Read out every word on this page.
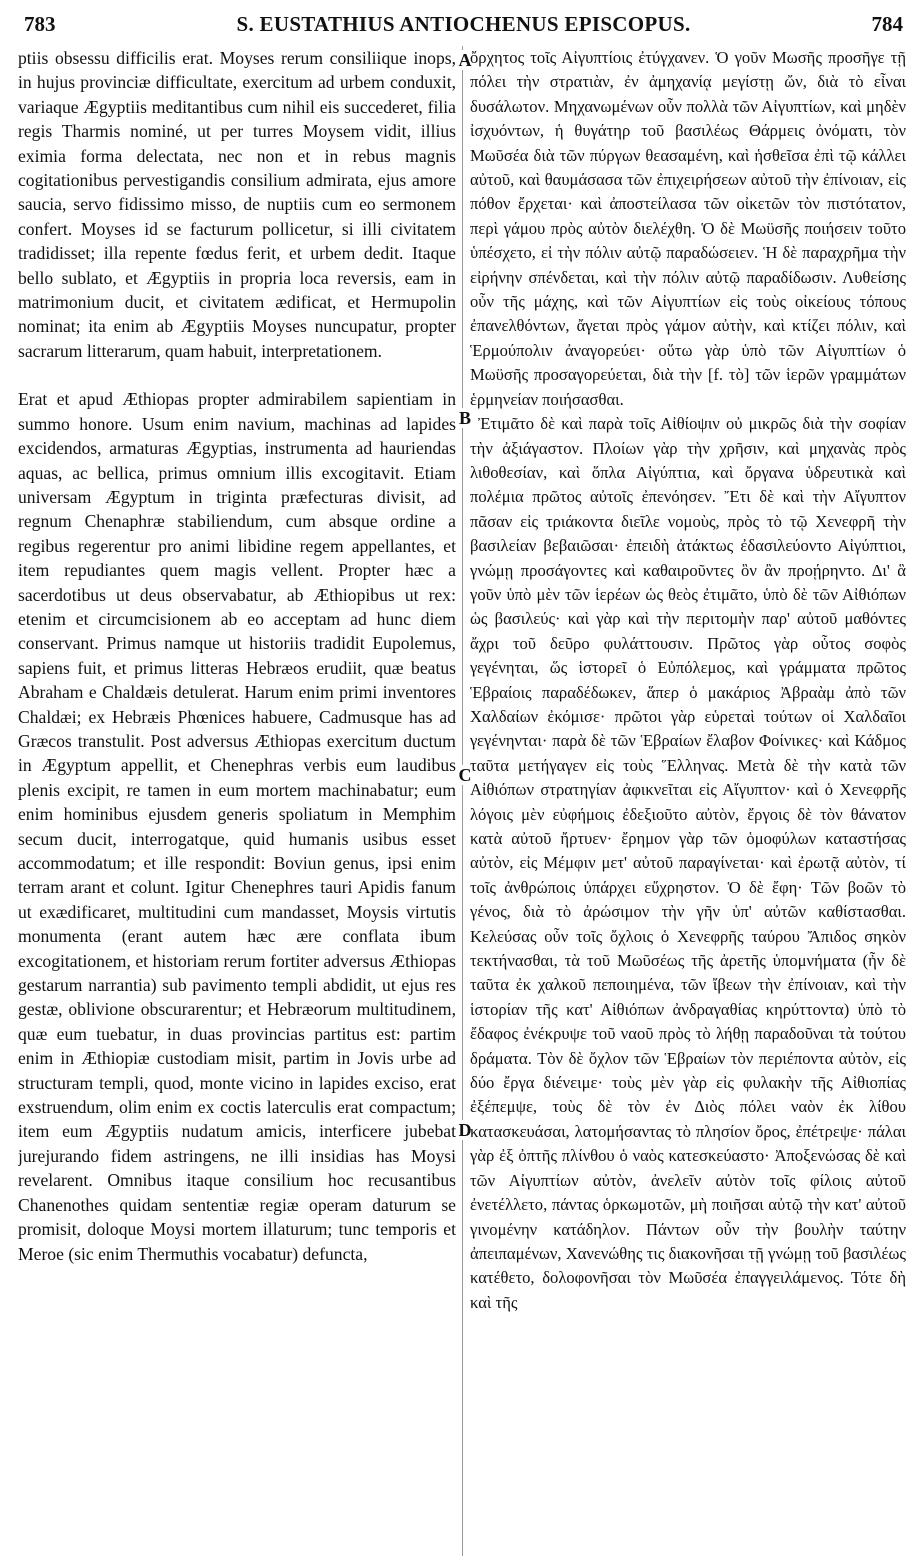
783	S. EUSTATHIUS ANTIOCHENUS EPISCOPUS.	784

ptiis obsessu difficilis erat. Moyses rerum consiliique inops, in hujus provinciæ difficultate, exercitum ad urbem conduxit, variaque Ægyptiis meditantibus cum nihil eis succederet, filia regis Tharmis nominé, ut per turres Moysem vidit, illius eximia forma delectata, nec non et in rebus magnis cogitationibus pervestigandis consilium admirata, ejus amore saucia, servo fidissimo misso, de nuptiis cum eo sermonem confert. Moyses id se facturum pollicetur, si illi civitatem tradidisset; illa repente fœdus ferit, et urbem dedit. Itaque bello sublato, et Ægyptiis in propria loca reversis, eam in matrimonium ducit, et civitatem ædificat, et Hermupolin nominat; ita enim ab Ægyptiis Moyses nuncupatur, propter sacrarum litterarum, quam habuit, interpretationem.

Erat et apud Æthiopas propter admirabilem sapientiam in summo honore. Usum enim navium, machinas ad lapides excidendos, armaturas Ægyptias, instrumenta ad hauriendas aquas, ac bellica, primus omnium illis excogitavit. Etiam universam Ægyptum in triginta præfecturas divisit, ad regnum Chenaphræ stabiliendum, cum absque ordine a regibus regerentur pro animi libidine regem appellantes, et item repudiantes quem magis vellent. Propter hæc a sacerdotibus ut deus observabatur, ab Æthiopibus ut rex: etenim et circumcisionem ab eo acceptam ad hunc diem conservant. Primus namque ut historiis tradidit Eupolemus, sapiens fuit, et primus litteras Hebræos erudiit, quæ beatus Abraham e Chaldæis detulerat. Harum enim primi inventores Chaldæi; ex Hebræis Phœnices habuere, Cadmusque has ad Græcos transtulit. Post adversus Æthiopas exercitum ductum in Ægyptum appellit, et Chenephras verbis eum laudibus plenis excipit, re tamen in eum mortem machinabatur; eum enim hominibus ejusdem generis spoliatum in Memphim secum ducit, interrogatque, quid humanis usibus esset accommodatum; et ille respondit: Boviun genus, ipsi enim terram arant et colunt. Igitur Chenephres tauri Apidis fanum ut exædificaret, multitudini cum mandasset, Moysis virtutis monumenta (erant autem hæc ære conflata ibum excogitationem, et historiam rerum fortiter adversus Æthiopas gestarum narrantia) sub pavimento templi abdidit, ut ejus res gestæ, oblivione obscurarentur; et Hebræorum multitudinem, quæ eum tuebatur, in duas provincias partitus est: partim enim in Æthiopiæ custodiam misit, partim in Jovis urbe ad structuram templi, quod, monte vicino in lapides exciso, erat exstruendum, olim enim ex coctis laterculis erat compactum; item eum Ægyptiis nudatum amicis, interficere jubebat jurejurando fidem astringens, ne illi insidias has Moysi revelarent. Omnibus itaque consilium hoc recusantibus Chanenothes quidam sententiæ regiæ operam daturum se promisit, doloque Moysi mortem illaturum; tunc temporis et Meroe (sic enim Thermuthis vocabatur) defuncta,

A
B
C
D

ὄρχητος τοῖς Αἰγυπτίοις ἐτύγχανεν. Ὁ γοῦν Μωσῆς προσῆγε τῇ πόλει τὴν στρατιὰν, ἐν ἀμηχανίᾳ μεγίστῃ ὤν, διὰ τὸ εἶναι δυσάλωτον. Μηχανωμένων οὖν πολλὰ τῶν Αἰγυπτίων, καὶ μηδὲν ἰσχυόντων, ἡ θυγάτηρ τοῦ βασιλέως Θάρμεις ὀνόματι, τὸν Μωῦσέα διὰ τῶν πύργων θεασαμένη, καὶ ἡσθεῖσα ἐπὶ τῷ κάλλει αὐτοῦ, καὶ θαυμάσασα τῶν ἐπιχειρήσεων αὐτοῦ τὴν ἐπίνοιαν, εἰς πόθον ἔρχεται· καὶ ἀποστείλασα τῶν οἰκετῶν τὸν πιστότατον, περὶ γάμου πρὸς αὐτὸν διελέχθη. Ὁ δὲ Μωϋσῆς ποιήσειν τοῦτο ὑπέσχετο, εἰ τὴν πόλιν αὐτῷ παραδώσειεν. Ἡ δὲ παραχρῆμα τὴν εἰρήνην σπένδεται, καὶ τὴν πόλιν αὐτῷ παραδίδωσιν. Λυθείσης οὖν τῆς μάχης, καὶ τῶν Αἰγυπτίων εἰς τοὺς οἰκείους τόπους ἐπανελθόντων, ἄγεται πρὸς γάμον αὐτὴν, καὶ κτίζει πόλιν, καὶ Ἑρμούπολιν ἀναγορεύει· οὕτω γὰρ ὑπὸ τῶν Αἰγυπτίων ὁ Μωϋσῆς προσαγορεύεται, διὰ τὴν [f. τὸ] τῶν ἱερῶν γραμμάτων ἑρμηνείαν ποιήσασθαι.

Ἐτιμᾶτο δὲ καὶ παρὰ τοῖς Αἰθίοψιν οὐ μικρῶς διὰ τὴν σοφίαν τὴν ἀξιάγαστον. Πλοίων γὰρ τὴν χρῆσιν, καὶ μηχανὰς πρὸς λιθοθεσίαν, καὶ ὅπλα Αἰγύπτια, καὶ ὄργανα ὑδρευτικὰ καὶ πολέμια πρῶτος αὐτοῖς ἐπενόησεν. Ἔτι δὲ καὶ τὴν Αἴγυπτον πᾶσαν εἰς τριάκοντα διεῖλε νομοὺς, πρὸς τὸ τῷ Χενεφρῆ τὴν βασιλείαν βεβαιῶσαι· ἐπειδὴ ἀτάκτως ἐδασιλεύοντο Αἰγύπτιοι, γνώμῃ προσάγοντες καὶ καθαιροῦντες ὃν ἂν προῄρηντο. Δι' ἃ γοῦν ὑπὸ μὲν τῶν ἱερέων ὡς θεὸς ἐτιμᾶτο, ὑπὸ δὲ τῶν Αἰθιόπων ὡς βασιλεύς· καὶ γὰρ καὶ τὴν περιτομὴν παρ' αὐτοῦ μαθόντες ἄχρι τοῦ δεῦρο φυλάττουσιν. Πρῶτος γὰρ οὗτος σοφὸς γεγένηται, ὥς ἱστορεῖ ὁ Εὐπόλεμος, καὶ γράμματα πρῶτος Ἑβραίοις παραδέδωκεν, ἅπερ ὁ μακάριος Ἀβραὰμ ἀπὸ τῶν Χαλδαίων ἐκόμισε· πρῶτοι γὰρ εὑρεταὶ τούτων οἱ Χαλδαῖοι γεγένηνται· παρὰ δὲ τῶν Ἑβραίων ἔλαβον Φοίνικες· καὶ Κάδμος ταῦτα μετήγαγεν εἰς τοὺς Ἕλληνας. Μετὰ δὲ τὴν κατὰ τῶν Αἰθιόπων στρατηγίαν ἀφικνεῖται εἰς Αἴγυπτον· καὶ ὁ Χενεφρῆς λόγοις μὲν εὐφήμοις ἐδεξιοῦτο αὐτὸν, ἔργοις δὲ τὸν θάνατον κατὰ αὐτοῦ ἤρτυεν· ἔρημον γὰρ τῶν ὁμοφύλων καταστήσας αὐτὸν, εἰς Μέμφιν μετ' αὐτοῦ παραγίνεται· καὶ ἐρωτᾷ αὐτὸν, τί τοῖς ἀνθρώποις ὑπάρχει εὔχρηστον. Ὁ δὲ ἔφη· Τῶν βοῶν τὸ γένος, διὰ τὸ ἀρώσιμον τὴν γῆν ὑπ' αὐτῶν καθίστασθαι. Κελεύσας οὖν τοῖς ὄχλοις ὁ Χενεφρῆς ταύρου Ἄπιδος σηκὸν τεκτήνασθαι, τὰ τοῦ Μωῦσέως τῆς ἀρετῆς ὑπομνήματα (ἦν δὲ ταῦτα ἐκ χαλκοῦ πεποιημένα, τῶν ἴβεων τὴν ἐπίνοιαν, καὶ τὴν ἱστορίαν τῆς κατ' Αἰθιόπων ἀνδραγαθίας κηρύττοντα) ὑπὸ τὸ ἔδαφος ἐνέκρυψε τοῦ ναοῦ πρὸς τὸ λήθῃ παραδοῦναι τὰ τούτου δράματα. Τὸν δὲ ὄχλον τῶν Ἑβραίων τὸν περιέποντα αὐτὸν, εἰς δύο ἔργα διένειμε· τοὺς μὲν γὰρ εἰς φυλακὴν τῆς Αἰθιοπίας ἐξέπεμψε, τοὺς δὲ τὸν ἐν Διὸς πόλει ναὸν ἐκ λίθου κατασκευάσαι, λατομήσαντας τὸ πλησίον ὄρος, ἐπέτρεψε· πάλαι γὰρ ἐξ ὀπτῆς πλίνθου ὁ ναὸς κατεσκεύαστο· Ἀποξενώσας δὲ καὶ τῶν Αἰγυπτίων αὐτὸν, ἀνελεῖν αὐτὸν τοῖς φίλοις αὐτοῦ ἐνετέλλετο, πάντας ὁρκωμοτῶν, μὴ ποιῆσαι αὐτῷ τὴν κατ' αὐτοῦ γινομένην κατάδηλον. Πάντων οὖν τὴν βουλὴν ταύτην ἀπειπαμένων, Χανενώθης τις διακονῆσαι τῇ γνώμῃ τοῦ βασιλέως κατέθετο, δολοφονῆσαι τὸν Μωῦσέα ἐπαγγειλάμενος. Τότε δὴ καὶ τῆς
